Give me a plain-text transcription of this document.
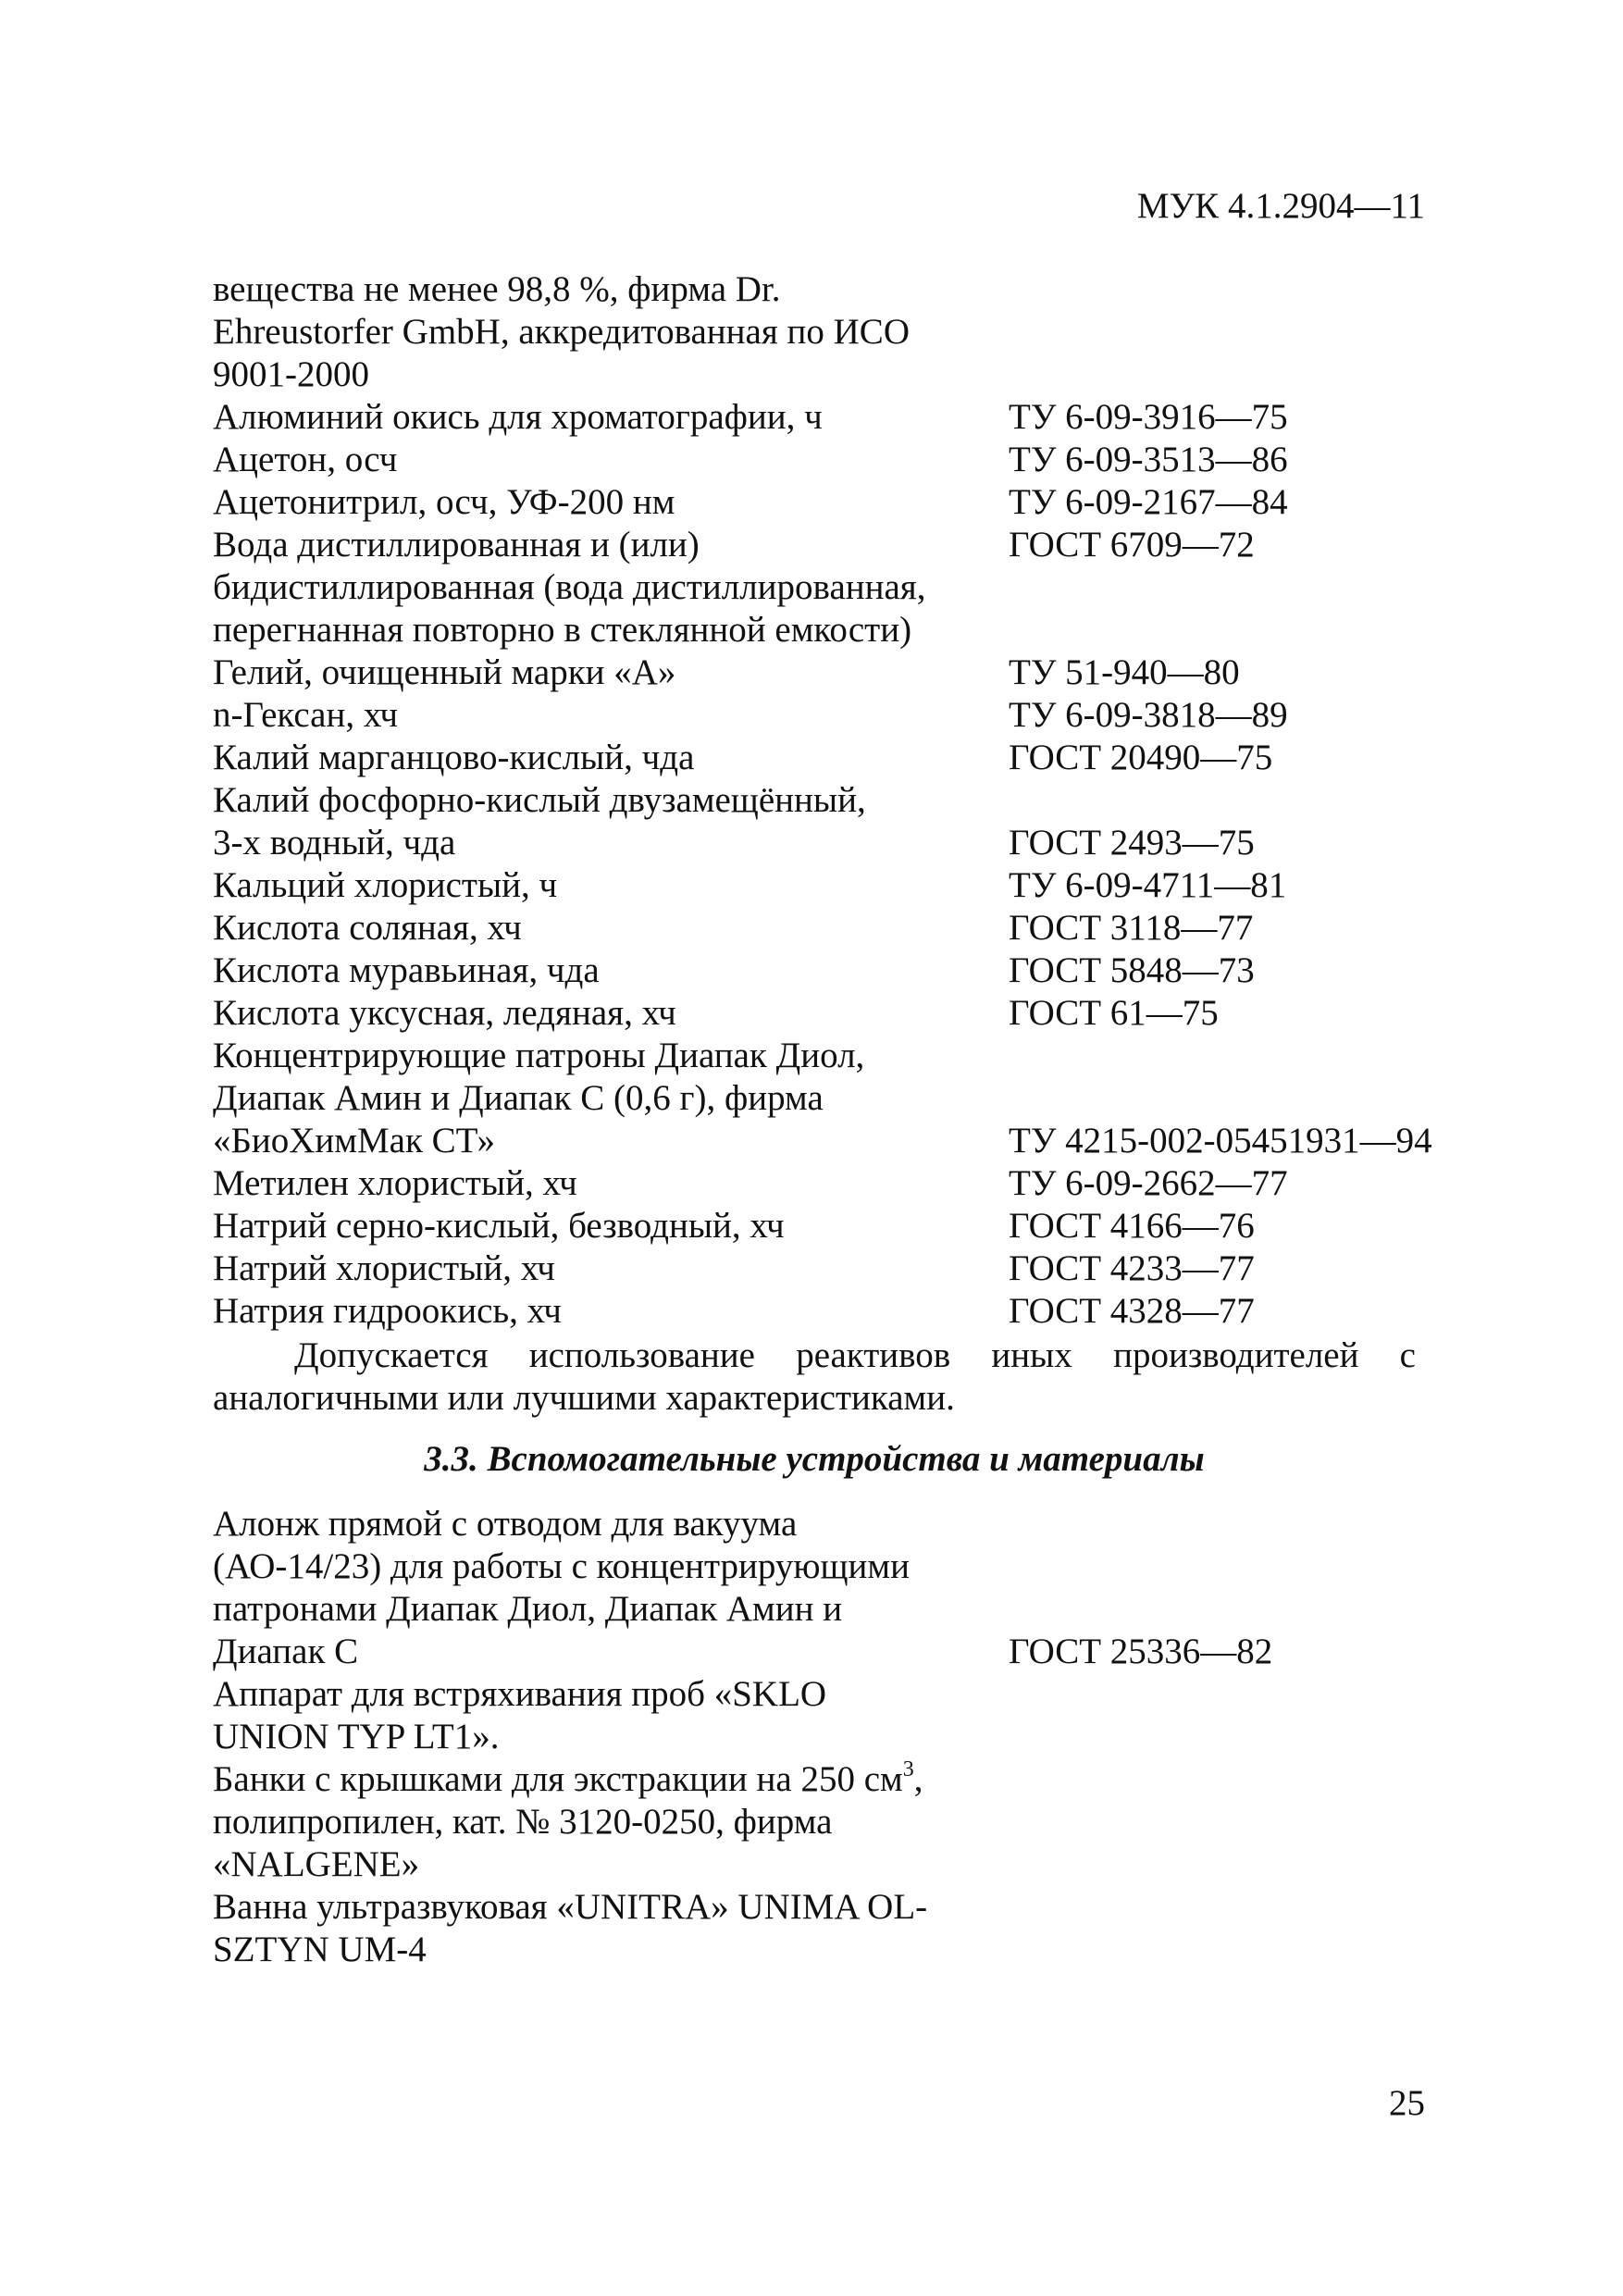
МУК 4.1.2904—11
вещества не менее 98,8 %, фирма Dr.
Ehreustorfer GmbH, аккредитованная по ИСО
9001-2000
Алюминий окись для хроматографии, ч	ТУ 6-09-3916—75
Ацетон, осч	ТУ 6-09-3513—86
Ацетонитрил, осч, УФ-200 нм	ТУ 6-09-2167—84
Вода дистиллированная и (или)	ГОСТ 6709—72
бидистиллированная (вода дистиллированная,
перегнанная повторно в стеклянной емкости)
Гелий, очищенный марки «А»	ТУ 51-940—80
n-Гексан, хч	ТУ 6-09-3818—89
Калий марганцово-кислый, чда	ГОСТ 20490—75
Калий фосфорно-кислый двузамещённый,
3-х водный, чда	ГОСТ 2493—75
Кальций хлористый, ч	ТУ 6-09-4711—81
Кислота соляная, хч	ГОСТ 3118—77
Кислота муравьиная, чда	ГОСТ 5848—73
Кислота уксусная, ледяная, хч	ГОСТ 61—75
Концентрирующие патроны Диапак Диол,
Диапак Амин и Диапак С (0,6 г), фирма
«БиоХимМак СТ»	ТУ 4215-002-05451931—94
Метилен хлористый, хч	ТУ 6-09-2662—77
Натрий серно-кислый, безводный, хч	ГОСТ 4166—76
Натрий хлористый, хч	ГОСТ 4233—77
Натрия гидроокись, хч	ГОСТ 4328—77
Допускается использование реактивов иных производителей с аналогичными или лучшими характеристиками.
3.3. Вспомогательные устройства и материалы
Алонж прямой с отводом для вакуума
(АО-14/23) для работы с концентрирующими
патронами Диапак Диол, Диапак Амин и
Диапак С	ГОСТ 25336—82
Аппарат для встряхивания проб «SKLO
UNION TYP LT1».
Банки с крышками для экстракции на 250 $см^3$,
полипропилен, кат. № 3120-0250, фирма
«NALGENE»
Ванна ультразвуковая «UNITRA» UNIMA OL-
SZTYN UM-4
25
